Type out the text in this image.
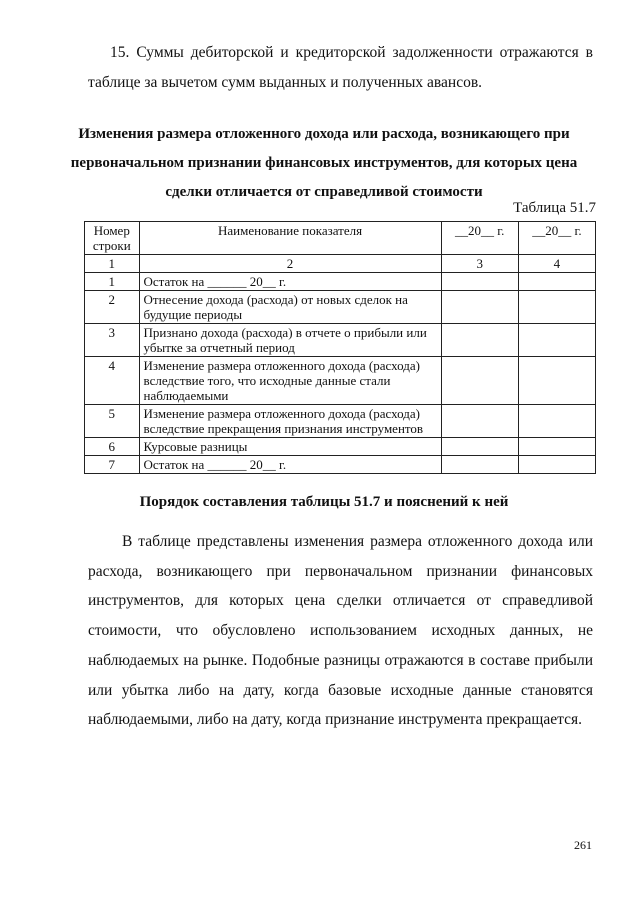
15. Суммы дебиторской и кредиторской задолженности отражаются в таблице за вычетом сумм выданных и полученных авансов.
Изменения размера отложенного дохода или расхода, возникающего при первоначальном признании финансовых инструментов, для которых цена сделки отличается от справедливой стоимости
Таблица 51.7
Номер строки	Наименование показателя	__20__ г.	__20__ г.
1	2	3	4
1	Остаток на ______ 20__ г.		
2	Отнесение дохода (расхода) от новых сделок на будущие периоды		
3	Признано дохода (расхода) в отчете о прибыли или убытке за отчетный период		
4	Изменение размера отложенного дохода (расхода) вследствие того, что исходные данные стали наблюдаемыми		
5	Изменение размера отложенного дохода (расхода) вследствие прекращения признания инструментов		
6	Курсовые разницы		
7	Остаток на ______ 20__ г.		
Порядок составления таблицы 51.7 и пояснений к ней
В таблице представлены изменения размера отложенного дохода или расхода, возникающего при первоначальном признании финансовых инструментов, для которых цена сделки отличается от справедливой стоимости, что обусловлено использованием исходных данных, не наблюдаемых на рынке. Подобные разницы отражаются в составе прибыли или убытка либо на дату, когда базовые исходные данные становятся наблюдаемыми, либо на дату, когда признание инструмента прекращается.
261
